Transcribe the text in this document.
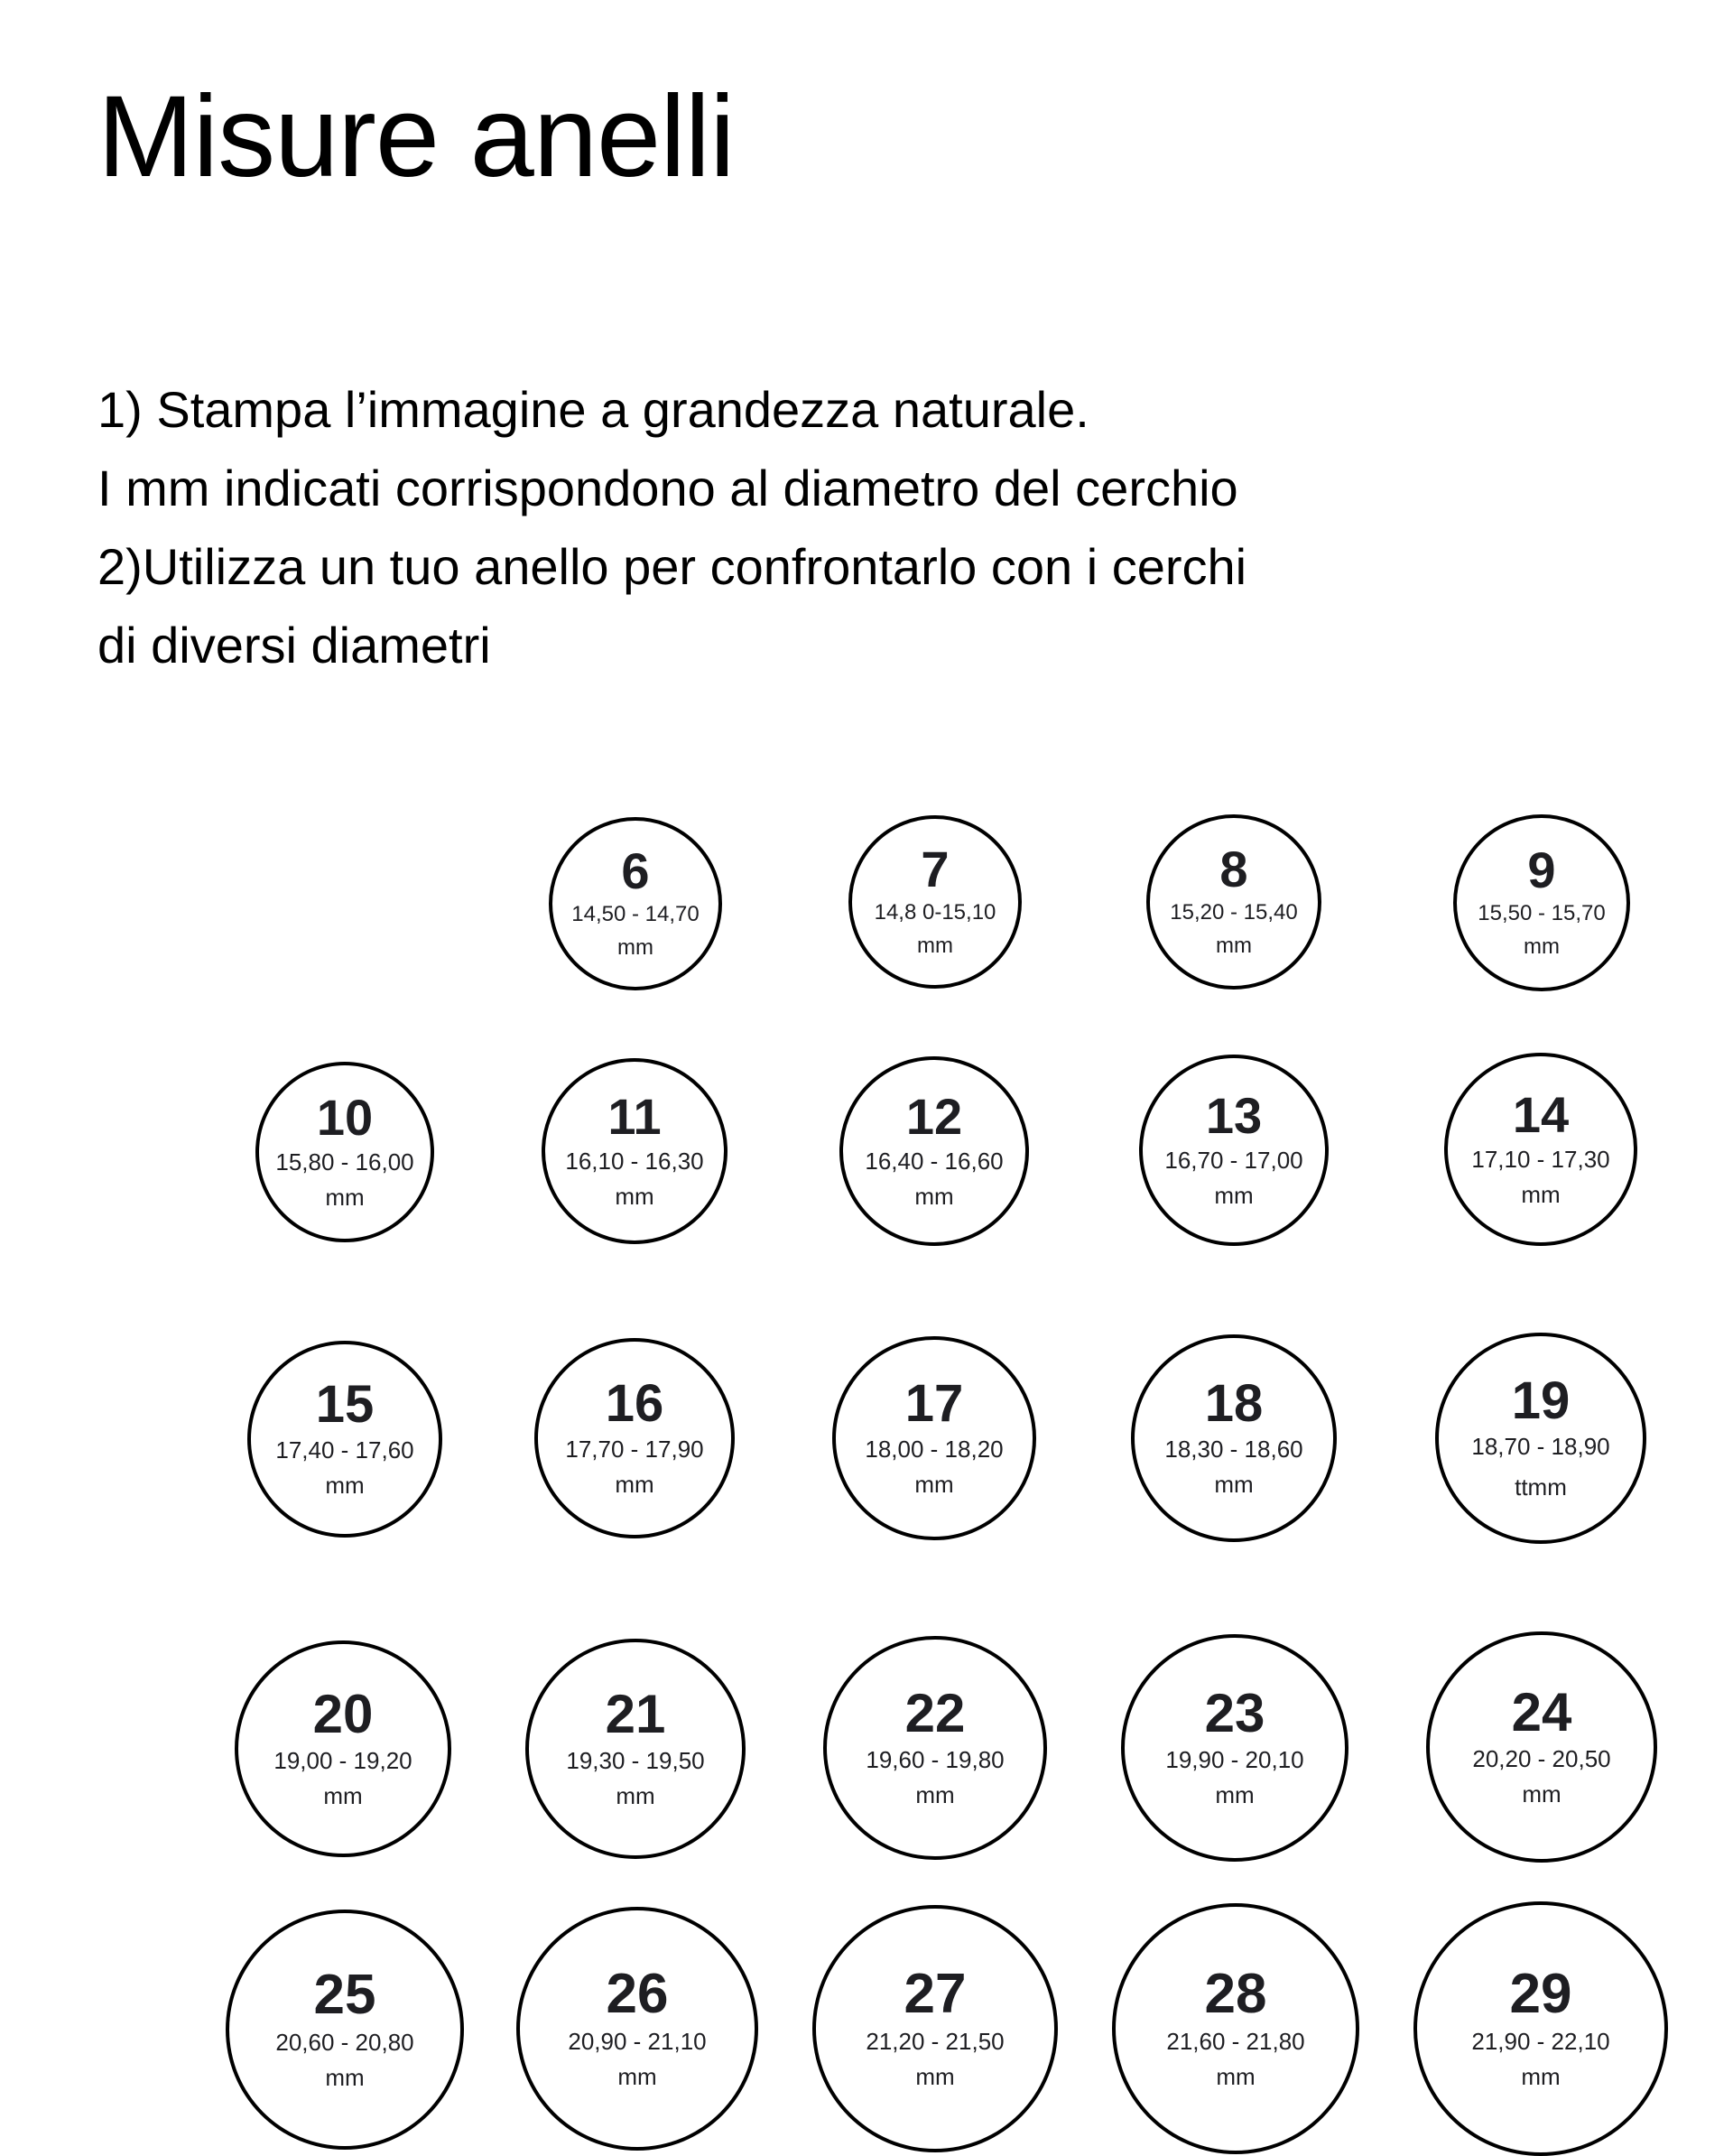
Misure anelli
1) Stampa l’immagine a grandezza naturale.
I mm indicati corrispondono al diametro del cerchio
2)Utilizza un tuo anello per confrontarlo con i cerchi
di diversi diametri
6
14,50 - 14,70
mm
7
14,8 0-15,10
mm
8
15,20 - 15,40
mm
9
15,50 - 15,70
mm
10
15,80 - 16,00
mm
11
16,10 - 16,30
mm
12
16,40 - 16,60
mm
13
16,70 - 17,00
mm
14
17,10 - 17,30
mm
15
17,40 - 17,60
mm
16
17,70 - 17,90
mm
17
18,00 - 18,20
mm
18
18,30 - 18,60
mm
19
18,70 - 18,90
ttmm
20
19,00 - 19,20
mm
21
19,30 - 19,50
mm
22
19,60 - 19,80
mm
23
19,90 - 20,10
mm
24
20,20 - 20,50
mm
25
20,60 - 20,80
mm
26
20,90 - 21,10
mm
27
21,20 - 21,50
mm
28
21,60 - 21,80
mm
29
21,90 - 22,10
mm
